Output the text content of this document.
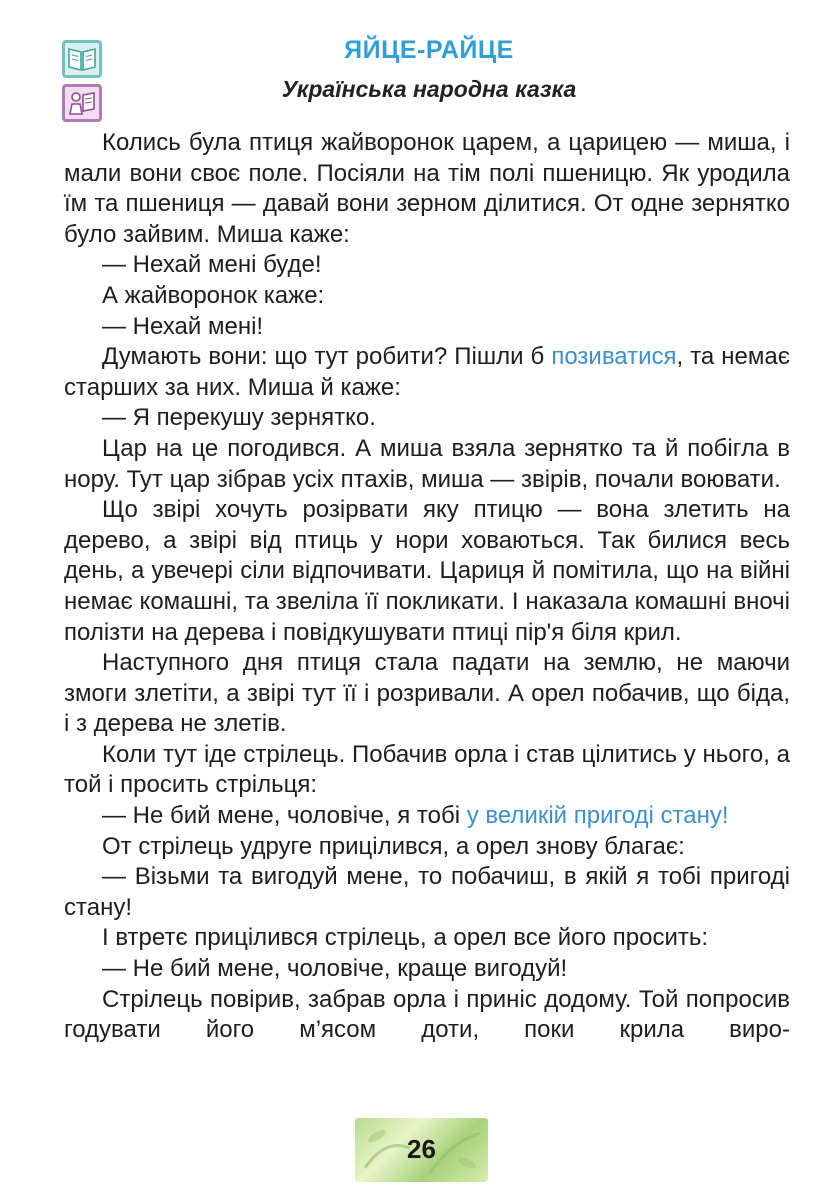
ЯЙЦЕ-РАЙЦЕ
Українська народна казка

Колись була птиця жайворонок царем, а царицею — миша, і мали вони своє поле. Посіяли на тім полі пшеницю. Як уродила їм та пшениця — давай вони зерном ділитися. От одне зернятко було зайвим. Миша каже:

— Нехай мені буде!

А жайворонок каже:

— Нехай мені!

Думають вони: що тут робити? Пішли б позиватися, та немає старших за них. Миша й каже:

— Я перекушу зернятко.

Цар на це погодився. А миша взяла зернятко та й побігла в нору. Тут цар зібрав усіх птахів, миша — звірів, почали воювати.

Що звірі хочуть розірвати яку птицю — вона злетить на дерево, а звірі від птиць у нори ховаються. Так билися весь день, а увечері сіли відпочивати. Цариця й помітила, що на війні немає комашні, та звеліла її покликати. І наказала комашні вночі полізти на дерева і повідкушувати птиці пір'я біля крил.

Наступного дня птиця стала падати на землю, не маючи змоги злетіти, а звірі тут її і розривали. А орел побачив, що біда, і з дерева не злетів.

Коли тут іде стрілець. Побачив орла і став цілитись у нього, а той і просить стрільця:

— Не бий мене, чоловіче, я тобі у великій пригоді стану!

От стрілець удруге прицілився, а орел знову благає:

— Візьми та вигодуй мене, то побачиш, в якій я тобі пригоді стану!

І втретє прицілився стрілець, а орел все його просить:

— Не бий мене, чоловіче, краще вигодуй!

Стрілець повірив, забрав орла і приніс додому. Той попросив годувати його м’ясом доти, поки крила виро-

26
